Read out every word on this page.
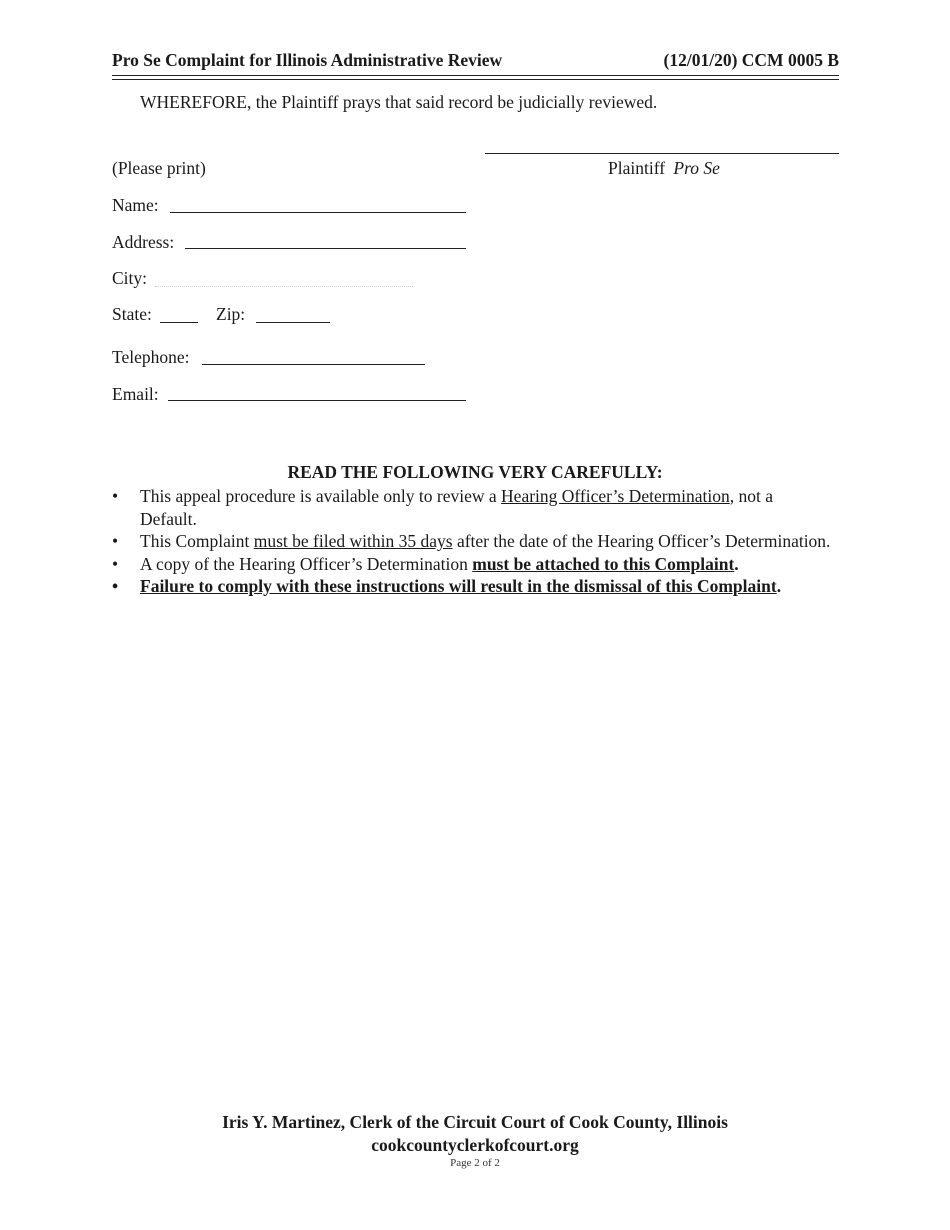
Pro Se Complaint for Illinois Administrative Review	(12/01/20) CCM 0005 B
WHEREFORE, the Plaintiff prays that said record be judicially reviewed.
Plaintiff Pro Se
(Please print)
Name:
Address:
City:
State:	Zip:
Telephone:
Email:
READ THE FOLLOWING VERY CAREFULLY:
• This appeal procedure is available only to review a Hearing Officer’s Determination, not a Default.
• This Complaint must be filed within 35 days after the date of the Hearing Officer’s Determination.
• A copy of the Hearing Officer’s Determination must be attached to this Complaint.
• Failure to comply with these instructions will result in the dismissal of this Complaint.
Iris Y. Martinez, Clerk of the Circuit Court of Cook County, Illinois
cookcountyclerkofcourt.org
Page 2 of 2
